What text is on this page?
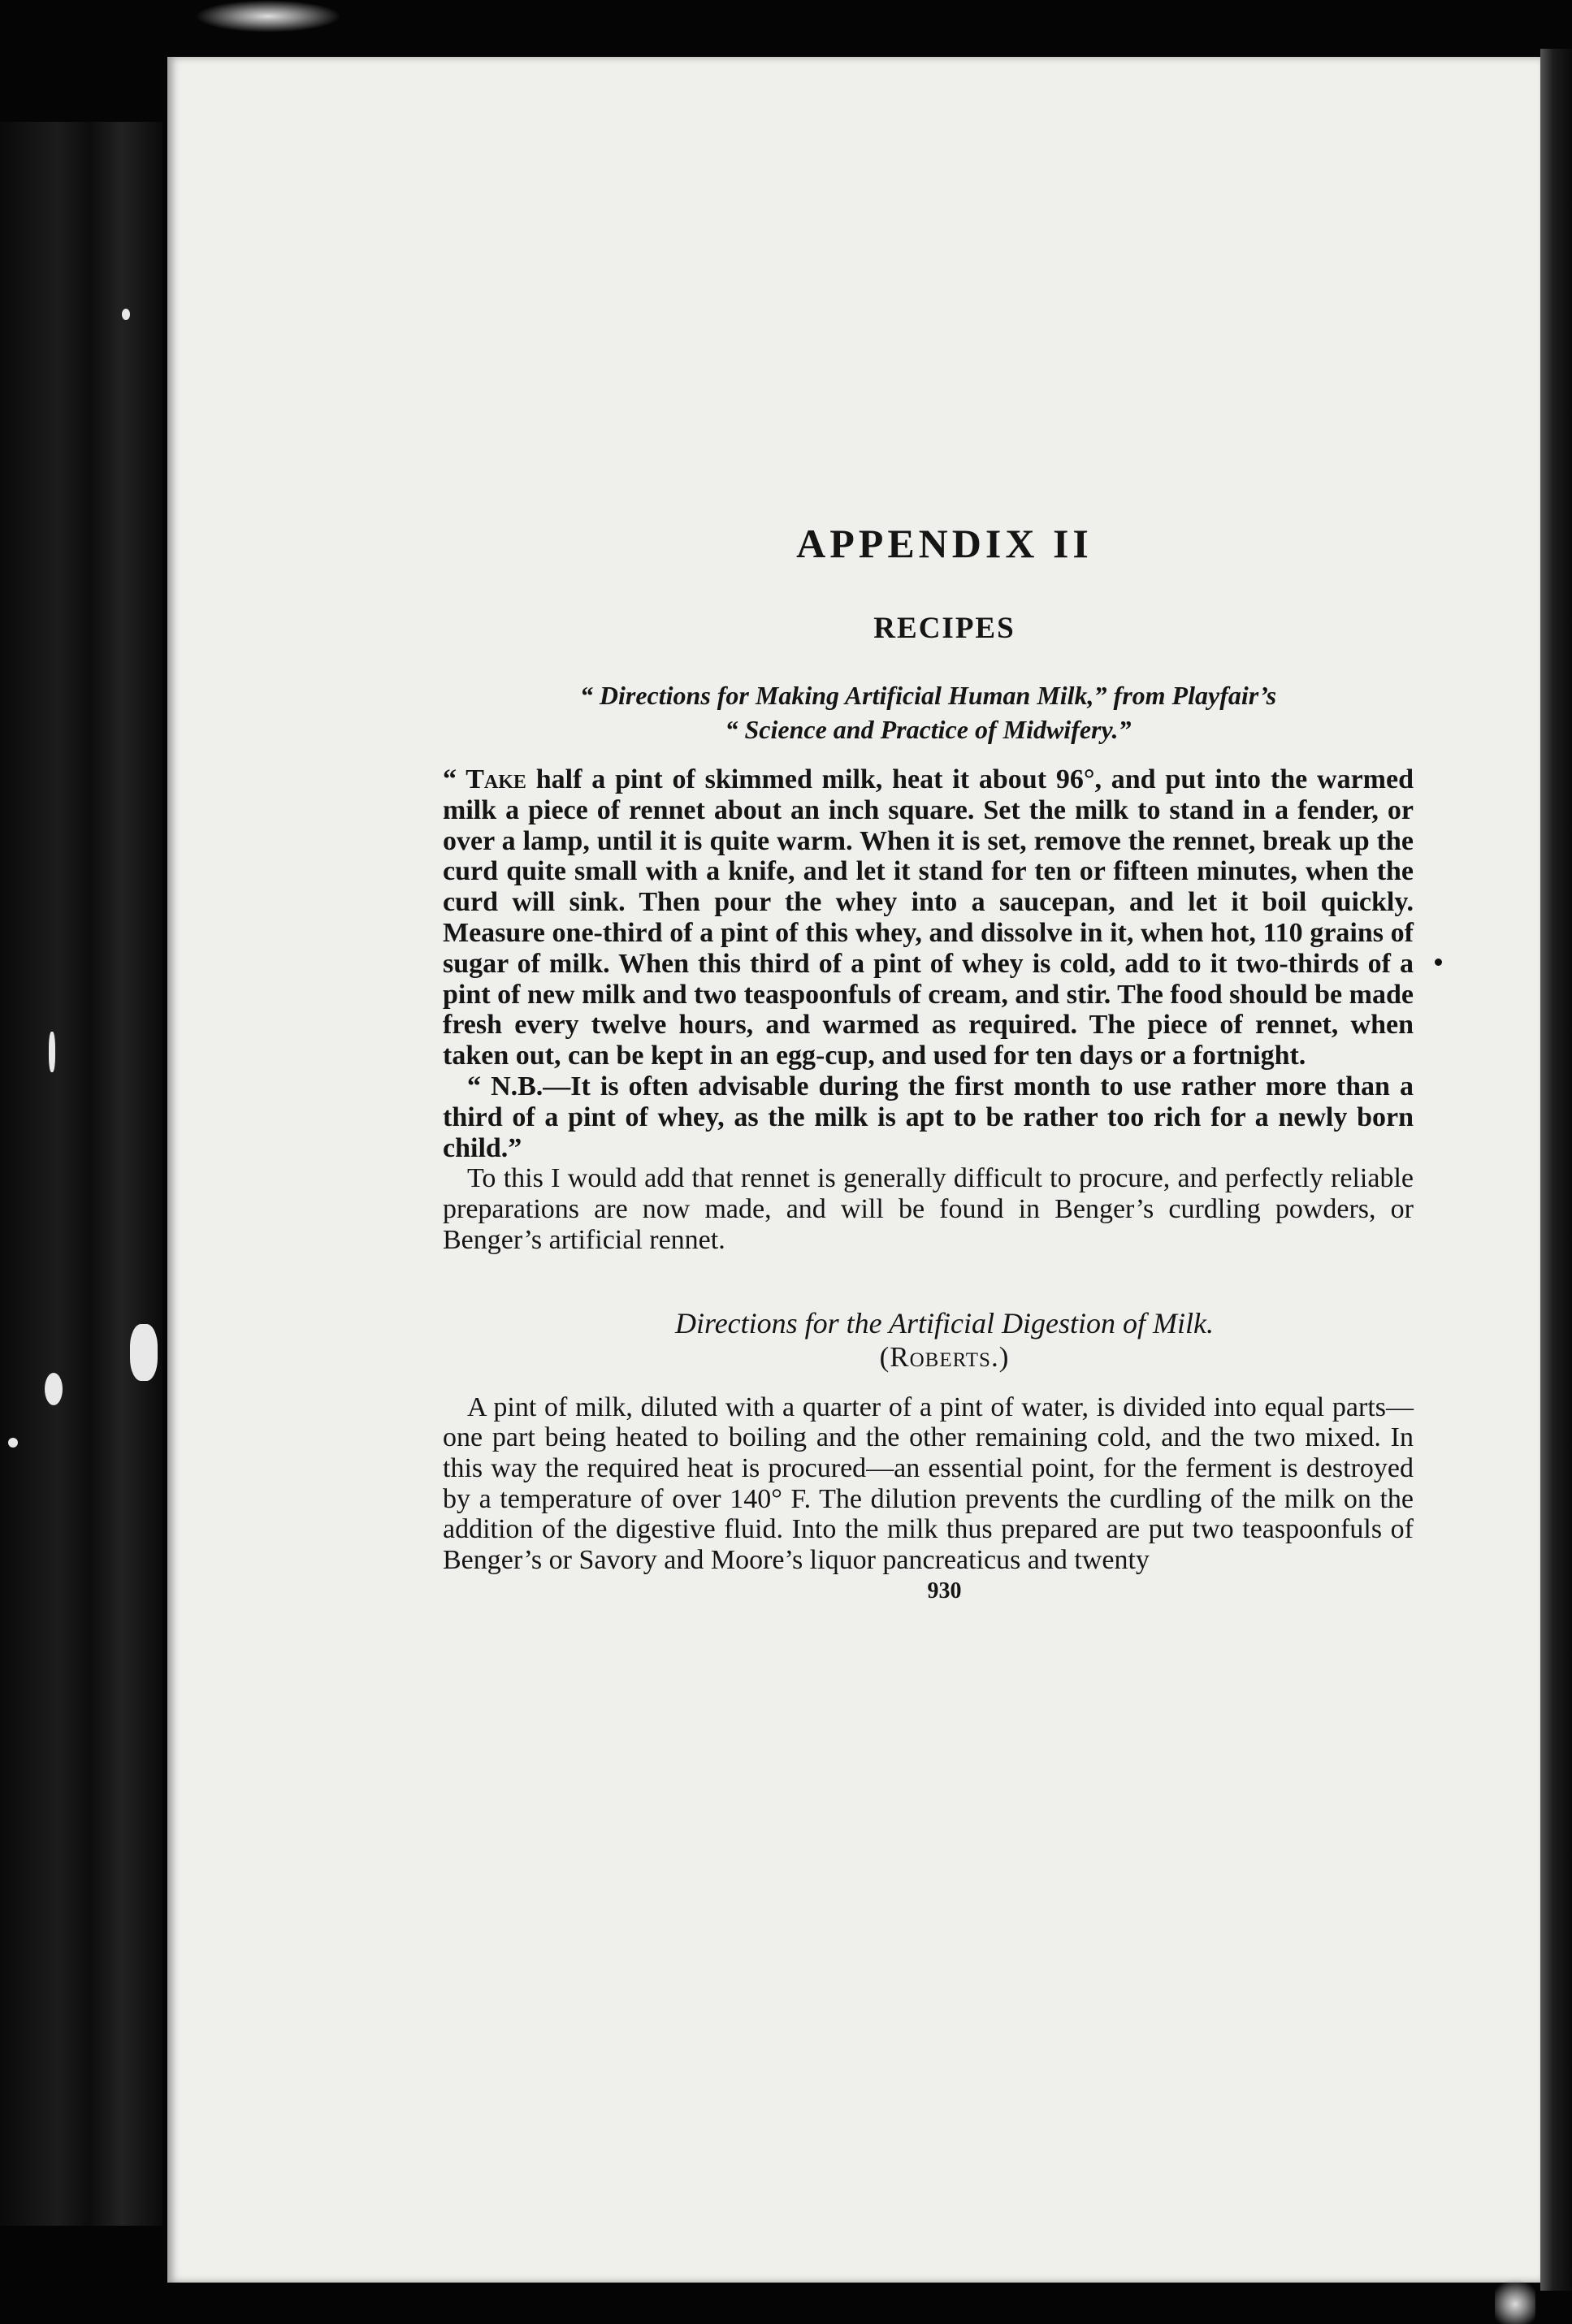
APPENDIX II
RECIPES
“ Directions for Making Artificial Human Milk,” from Playfair’s
“ Science and Practice of Midwifery.”

“ Take half a pint of skimmed milk, heat it about 96°, and put into the warmed milk a piece of rennet about an inch square. Set the milk to stand in a fender, or over a lamp, until it is quite warm. When it is set, remove the rennet, break up the curd quite small with a knife, and let it stand for ten or fifteen minutes, when the curd will sink. Then pour the whey into a saucepan, and let it boil quickly. Measure one-third of a pint of this whey, and dissolve in it, when hot, 110 grains of sugar of milk. When this third of a pint of whey is cold, add to it two-thirds of a pint of new milk and two teaspoonfuls of cream, and stir. The food should be made fresh every twelve hours, and warmed as required. The piece of rennet, when taken out, can be kept in an egg-cup, and used for ten days or a fortnight.

“ N.B.—It is often advisable during the first month to use rather more than a third of a pint of whey, as the milk is apt to be rather too rich for a newly born child.”

To this I would add that rennet is generally difficult to procure, and perfectly reliable preparations are now made, and will be found in Benger’s curdling powders, or Benger’s artificial rennet.

Directions for the Artificial Digestion of Milk.
(Roberts.)

A pint of milk, diluted with a quarter of a pint of water, is divided into equal parts—one part being heated to boiling and the other remaining cold, and the two mixed. In this way the required heat is procured—an essential point, for the ferment is destroyed by a temperature of over 140° F. The dilution prevents the curdling of the milk on the addition of the digestive fluid. Into the milk thus prepared are put two teaspoonfuls of Benger’s or Savory and Moore’s liquor pancreaticus and twenty

930
